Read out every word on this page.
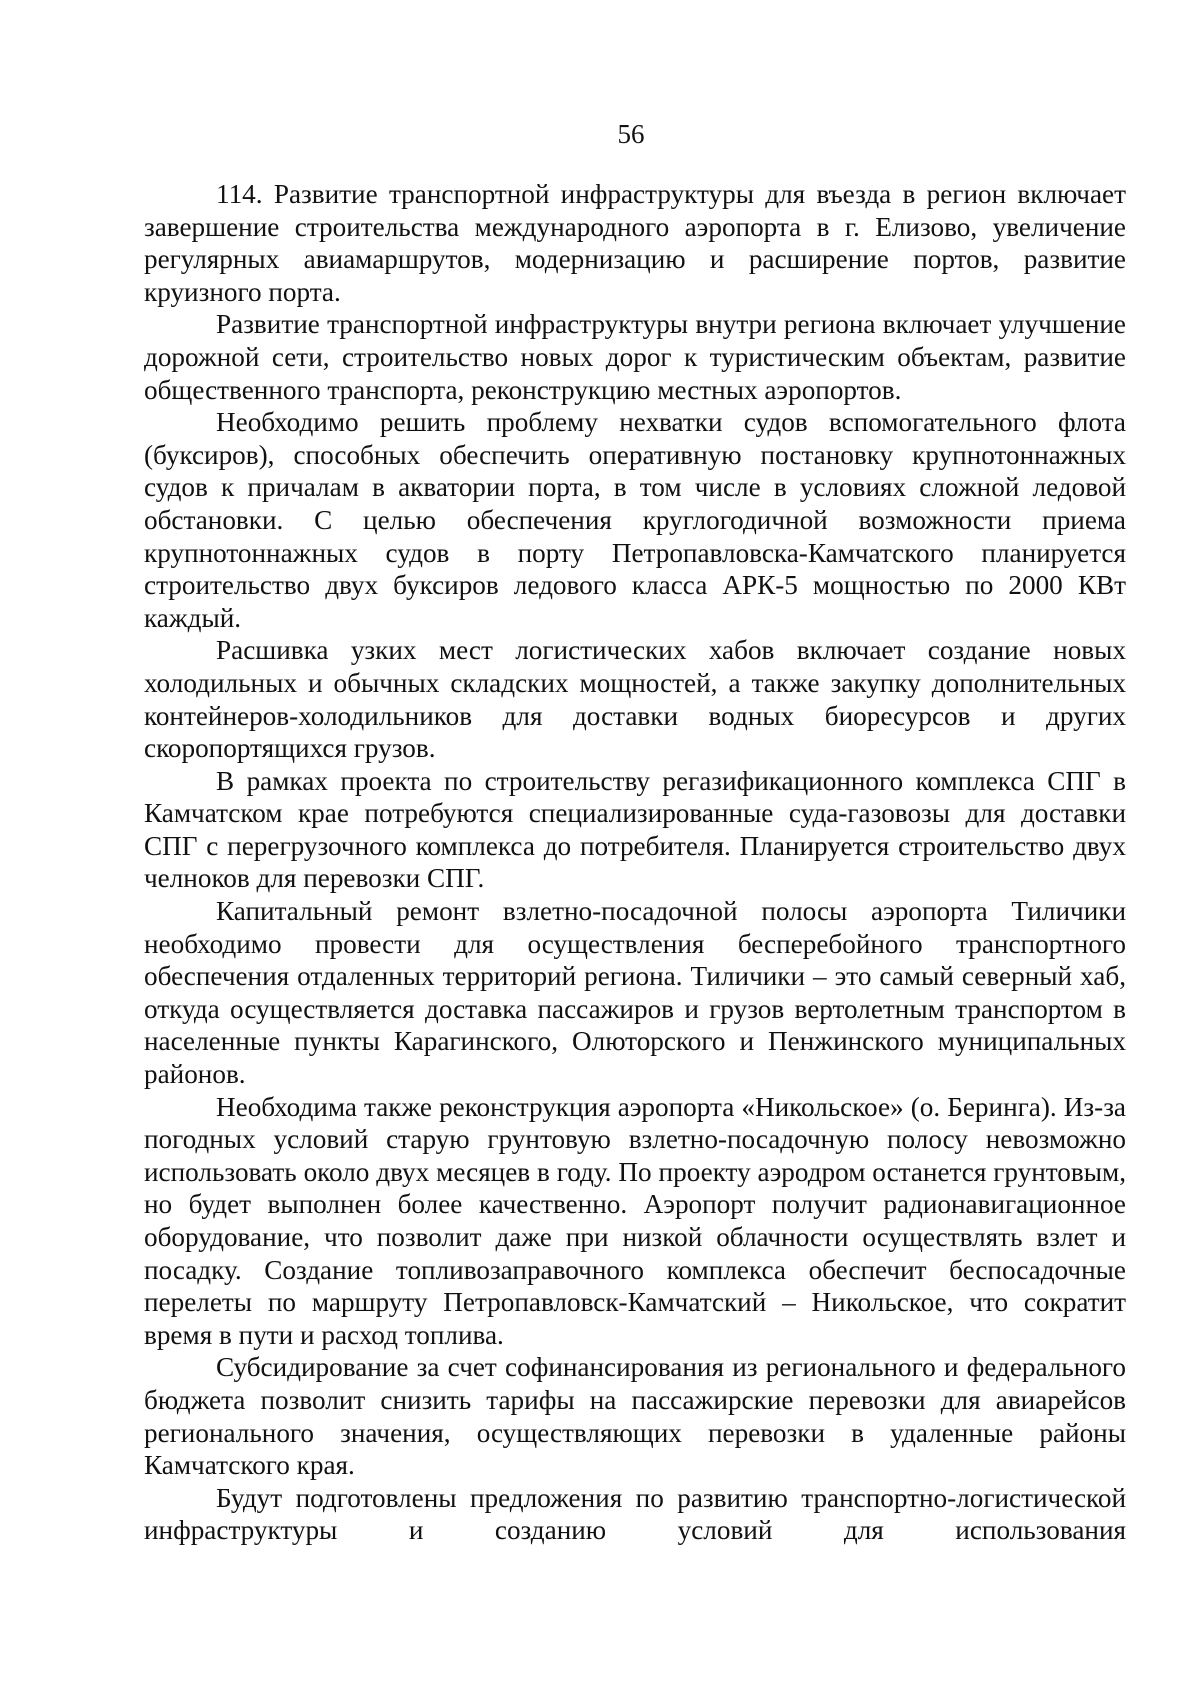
56

114. Развитие транспортной инфраструктуры для въезда в регион включает завершение строительства международного аэропорта в г. Елизово, увеличение регулярных авиамаршрутов, модернизацию и расширение портов, развитие круизного порта.

Развитие транспортной инфраструктуры внутри региона включает улучшение дорожной сети, строительство новых дорог к туристическим объектам, развитие общественного транспорта, реконструкцию местных аэропортов.

Необходимо решить проблему нехватки судов вспомогательного флота (буксиров), способных обеспечить оперативную постановку крупнотоннажных судов к причалам в акватории порта, в том числе в условиях сложной ледовой обстановки. С целью обеспечения круглогодичной возможности приема крупнотоннажных судов в порту Петропавловска-Камчатского планируется строительство двух буксиров ледового класса АРК-5 мощностью по 2000 КВт каждый.

Расшивка узких мест логистических хабов включает создание новых холодильных и обычных складских мощностей, а также закупку дополнительных контейнеров-холодильников для доставки водных биоресурсов и других скоропортящихся грузов.

В рамках проекта по строительству регазификационного комплекса СПГ в Камчатском крае потребуются специализированные суда-газовозы для доставки СПГ с перегрузочного комплекса до потребителя. Планируется строительство двух челноков для перевозки СПГ.

Капитальный ремонт взлетно-посадочной полосы аэропорта Тиличики необходимо провести для осуществления бесперебойного транспортного обеспечения отдаленных территорий региона. Тиличики – это самый северный хаб, откуда осуществляется доставка пассажиров и грузов вертолетным транспортом в населенные пункты Карагинского, Олюторского и Пенжинского муниципальных районов.

Необходима также реконструкция аэропорта «Никольское» (о. Беринга). Из-за погодных условий старую грунтовую взлетно-посадочную полосу невозможно использовать около двух месяцев в году. По проекту аэродром останется грунтовым, но будет выполнен более качественно. Аэропорт получит радионавигационное оборудование, что позволит даже при низкой облачности осуществлять взлет и посадку. Создание топливозаправочного комплекса обеспечит беспосадочные перелеты по маршруту Петропавловск-Камчатский – Никольское, что сократит время в пути и расход топлива.

Субсидирование за счет софинансирования из регионального и федерального бюджета позволит снизить тарифы на пассажирские перевозки для авиарейсов регионального значения, осуществляющих перевозки в удаленные районы Камчатского края.

Будут подготовлены предложения по развитию транспортно-логистической инфраструктуры и созданию условий для использования
